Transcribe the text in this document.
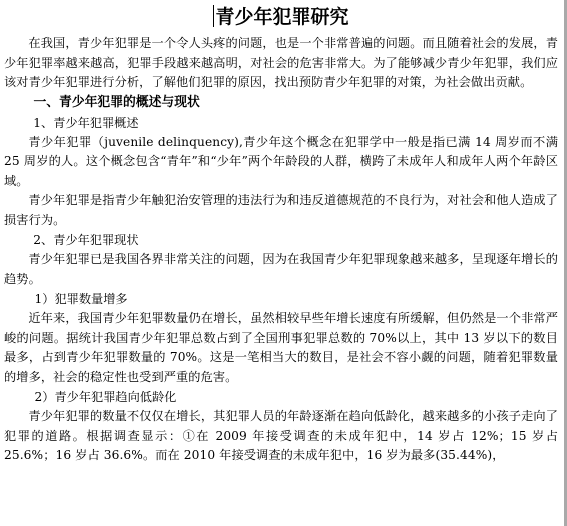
青少年犯罪研究

在我国，青少年犯罪是一个令人头疼的问题，也是一个非常普遍的问题。而且随着社会的发展，青少年犯罪率越来越高，犯罪手段越来越高明，对社会的危害非常大。为了能够减少青少年犯罪，我们应该对青少年犯罪进行分析，了解他们犯罪的原因，找出预防青少年犯罪的对策，为社会做出贡献。

一、青少年犯罪的概述与现状

1、青少年犯罪概述

青少年犯罪（juvenile delinquency),青少年这个概念在犯罪学中一般是指已满 14 周岁而不满 25 周岁的人。这个概念包含“青年”和“少年”两个年龄段的人群，横跨了未成年人和成年人两个年龄区域。

青少年犯罪是指青少年触犯治安管理的违法行为和违反道德规范的不良行为，对社会和他人造成了损害行为。

2、青少年犯罪现状

青少年犯罪已是我国各界非常关注的问题，因为在我国青少年犯罪现象越来越多，呈现逐年增长的趋势。

1）犯罪数量增多

近年来，我国青少年犯罪数量仍在增长，虽然相较早些年增长速度有所缓解，但仍然是一个非常严峻的问题。据统计我国青少年犯罪总数占到了全国刑事犯罪总数的 70%以上，其中 13 岁以下的数目最多，占到青少年犯罪数量的 70%。这是一笔相当大的数目，是社会不容小觑的问题，随着犯罪数量的增多，社会的稳定性也受到严重的危害。

2）青少年犯罪趋向低龄化

青少年犯罪的数量不仅仅在增长，其犯罪人员的年龄逐渐在趋向低龄化，越来越多的小孩子走向了犯罪的道路。根据调查显示：①在 2009 年接受调查的未成年犯中，14 岁占 12%；15 岁占 25.6%；16 岁占 36.6%。而在 2010 年接受调查的未成年犯中，16 岁为最多(35.44%)，
